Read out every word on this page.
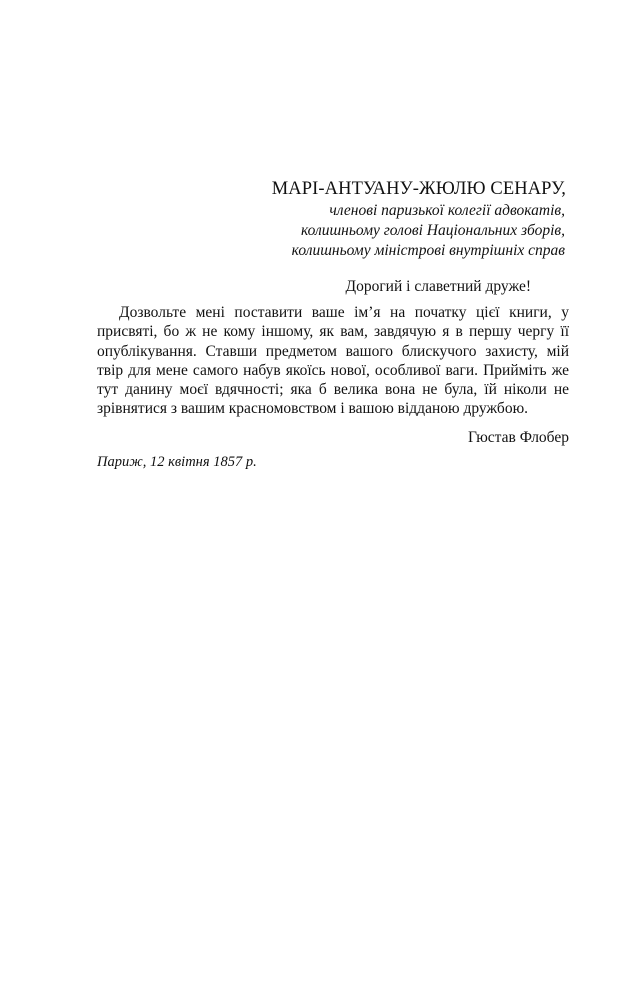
МАРІ-АНТУАНУ-ЖЮЛЮ СЕНАРУ,
членові паризької колегії адвокатів,
колишньому голові Національних зборів,
колишньому міністрові внутрішніх справ
Дорогий і славетний друже!

Дозвольте мені поставити ваше ім’я на початку цієї книги, у присвяті, бо ж не кому іншому, як вам, завдячую я в першу чергу її опублікування. Ставши предметом вашого блискучого захисту, мій твір для мене самого набув якоїсь нової, особливої ваги. Прийміть же тут данину моєї вдячності; яка б велика вона не була, їй ніколи не зрівнятися з вашим красномовством і вашою відданою дружбою.

Гюстав Флобер
Париж, 12 квітня 1857 р.
